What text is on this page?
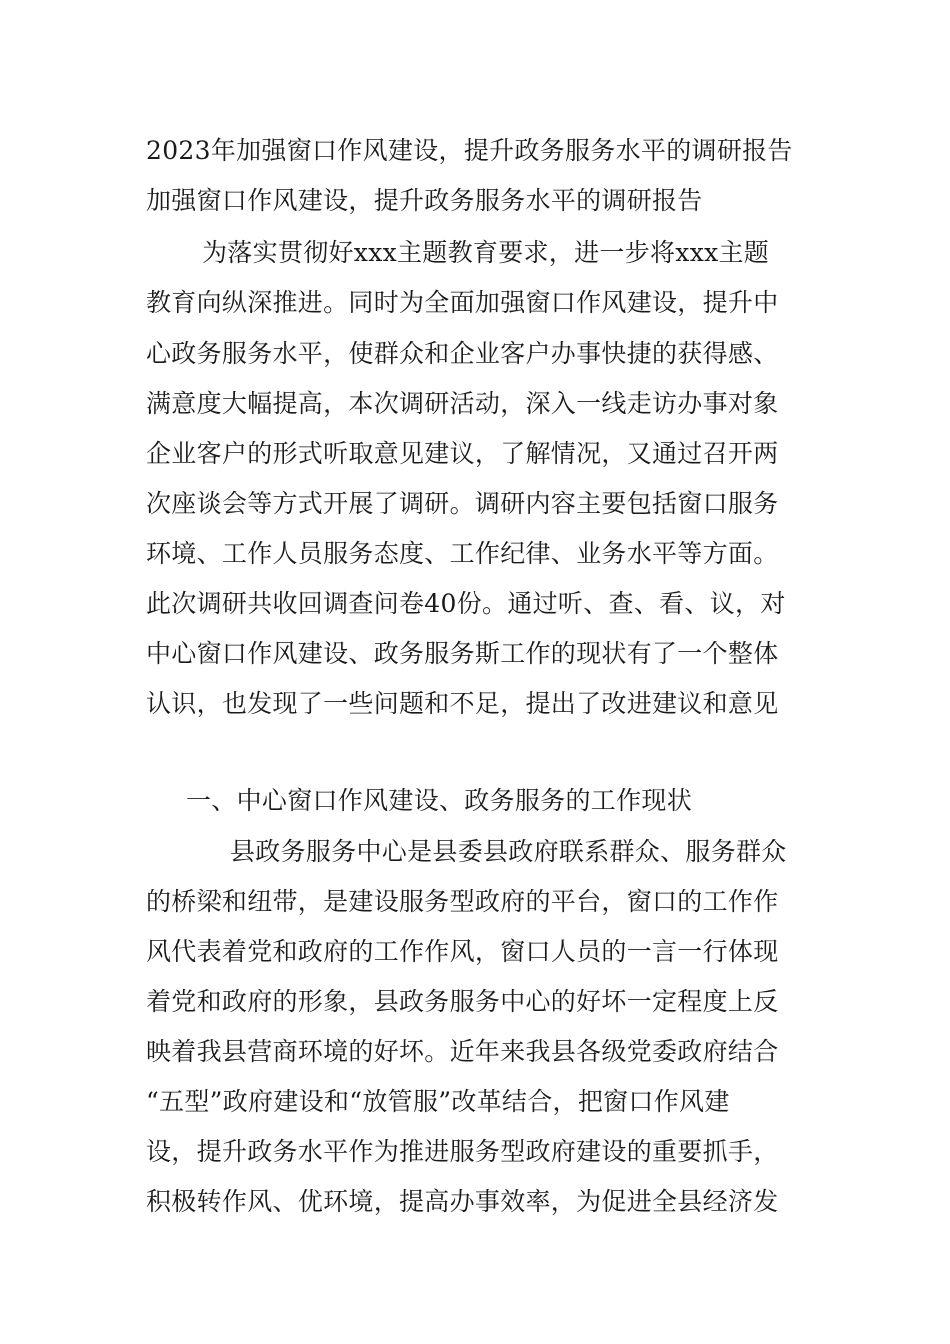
2023年加强窗口作风建设，提升政务服务水平的调研报告
加强窗口作风建设，提升政务服务水平的调研报告
为落实贯彻好xxx主题教育要求，进一步将xxx主题
教育向纵深推进。同时为全面加强窗口作风建设，提升中
心政务服务水平，使群众和企业客户办事快捷的获得感、
满意度大幅提高，本次调研活动，深入一线走访办事对象
企业客户的形式听取意见建议，了解情况，又通过召开两
次座谈会等方式开展了调研。调研内容主要包括窗口服务
环境、工作人员服务态度、工作纪律、业务水平等方面。
此次调研共收回调查问卷40份。通过听、查、看、议，对
中心窗口作风建设、政务服务斯工作的现状有了一个整体
认识，也发现了一些问题和不足，提出了改进建议和意见
一、中心窗口作风建设、政务服务的工作现状
县政务服务中心是县委县政府联系群众、服务群众
的桥梁和纽带，是建设服务型政府的平台，窗口的工作作
风代表着党和政府的工作作风，窗口人员的一言一行体现
着党和政府的形象，县政务服务中心的好坏一定程度上反
映着我县营商环境的好坏。近年来我县各级党委政府结合
“五型”政府建设和“放管服”改革结合，把窗口作风建
设，提升政务水平作为推进服务型政府建设的重要抓手，
积极转作风、优环境，提高办事效率，为促进全县经济发
